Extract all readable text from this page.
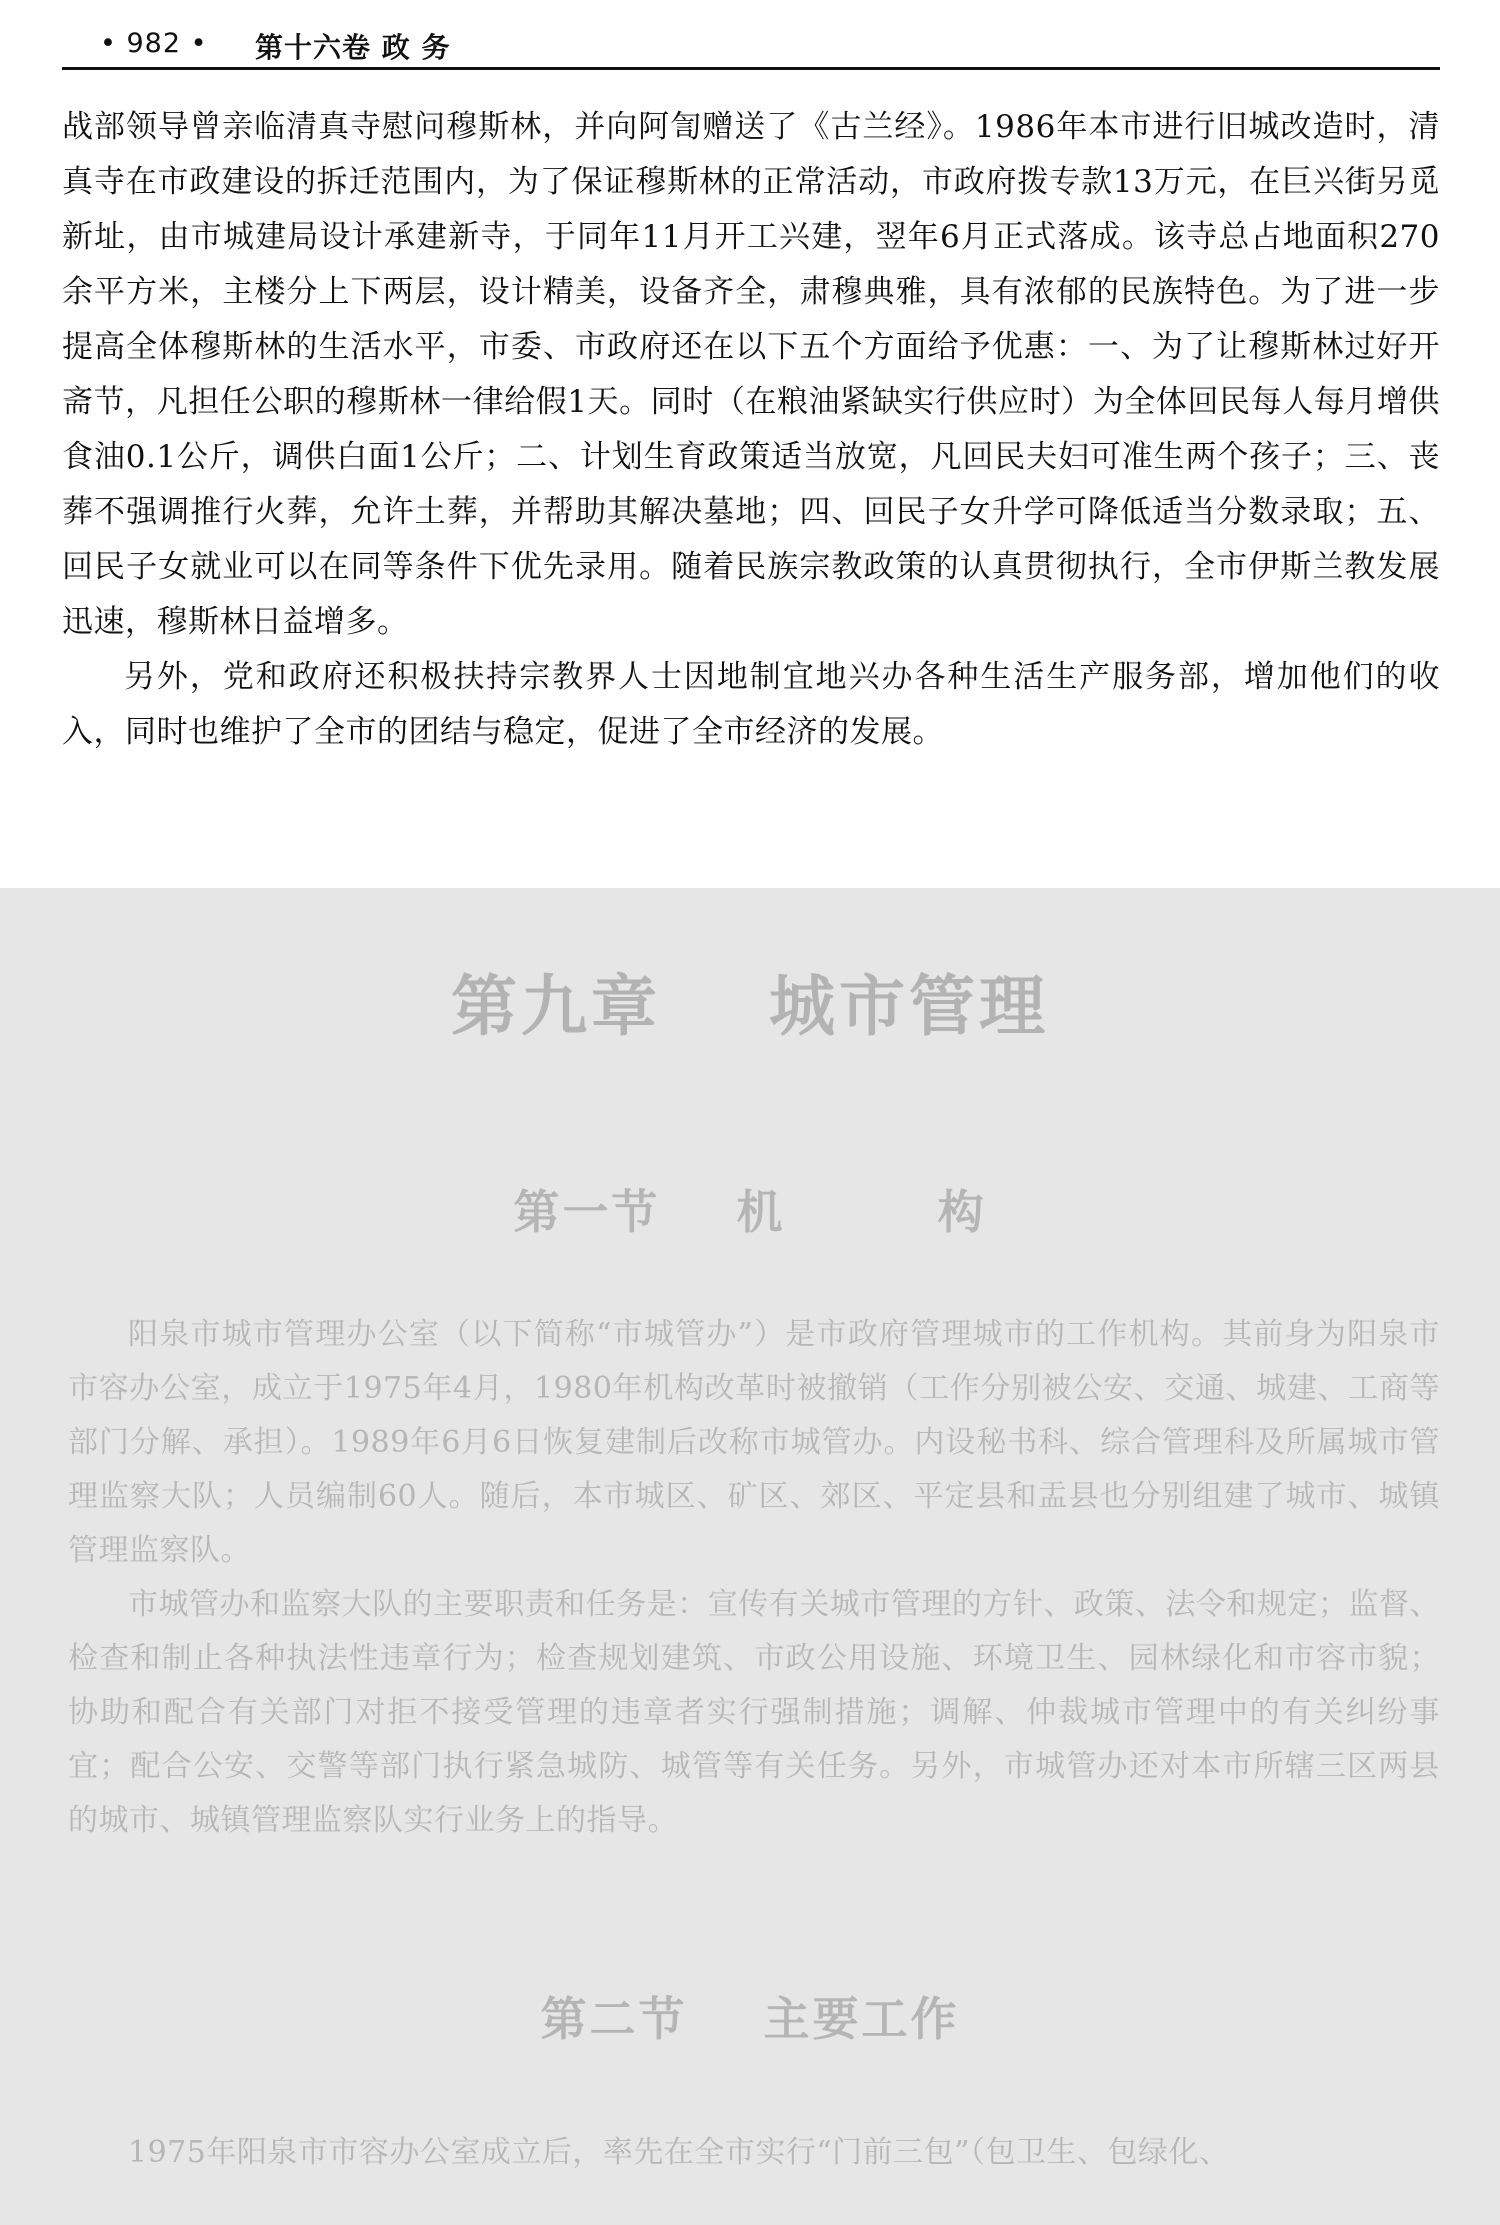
• 982 • 第十六卷 政 务

战部领导曾亲临清真寺慰问穆斯林，并向阿訇赠送了《古兰经》。1986年本市进行旧城改造时，清真寺在市政建设的拆迁范围内，为了保证穆斯林的正常活动，市政府拨专款13万元，在巨兴街另觅新址，由市城建局设计承建新寺，于同年11月开工兴建，翌年6月正式落成。该寺总占地面积270余平方米，主楼分上下两层，设计精美，设备齐全，肃穆典雅，具有浓郁的民族特色。为了进一步提高全体穆斯林的生活水平，市委、市政府还在以下五个方面给予优惠：一、为了让穆斯林过好开斋节，凡担任公职的穆斯林一律给假1天。同时（在粮油紧缺实行供应时）为全体回民每人每月增供食油0.1公斤，调供白面1公斤；二、计划生育政策适当放宽，凡回民夫妇可准生两个孩子；三、丧葬不强调推行火葬，允许土葬，并帮助其解决墓地；四、回民子女升学可降低适当分数录取；五、回民子女就业可以在同等条件下优先录用。随着民族宗教政策的认真贯彻执行，全市伊斯兰教发展迅速，穆斯林日益增多。

另外，党和政府还积极扶持宗教界人士因地制宜地兴办各种生活生产服务部，增加他们的收入，同时也维护了全市的团结与稳定，促进了全市经济的发展。

第九章    城市管理
第一节    机        构

阳泉市城市管理办公室（以下简称“市城管办”）是市政府管理城市的工作机构。其前身为阳泉市市容办公室，成立于1975年4月，1980年机构改革时被撤销（工作分别被公安、交通、城建、工商等部门分解、承担）。1989年6月6日恢复建制后改称市城管办。内设秘书科、综合管理科及所属城市管理监察大队；人员编制60人。随后，本市城区、矿区、郊区、平定县和盂县也分别组建了城市、城镇管理监察队。

市城管办和监察大队的主要职责和任务是：宣传有关城市管理的方针、政策、法令和规定；监督、检查和制止各种执法性违章行为；检查规划建筑、市政公用设施、环境卫生、园林绿化和市容市貌；协助和配合有关部门对拒不接受管理的违章者实行强制措施；调解、仲裁城市管理中的有关纠纷事宜；配合公安、交警等部门执行紧急城防、城管等有关任务。另外，市城管办还对本市所辖三区两县的城市、城镇管理监察队实行业务上的指导。

第二节    主要工作

1975年阳泉市市容办公室成立后，率先在全市实行“门前三包”（包卫生、包绿化、
